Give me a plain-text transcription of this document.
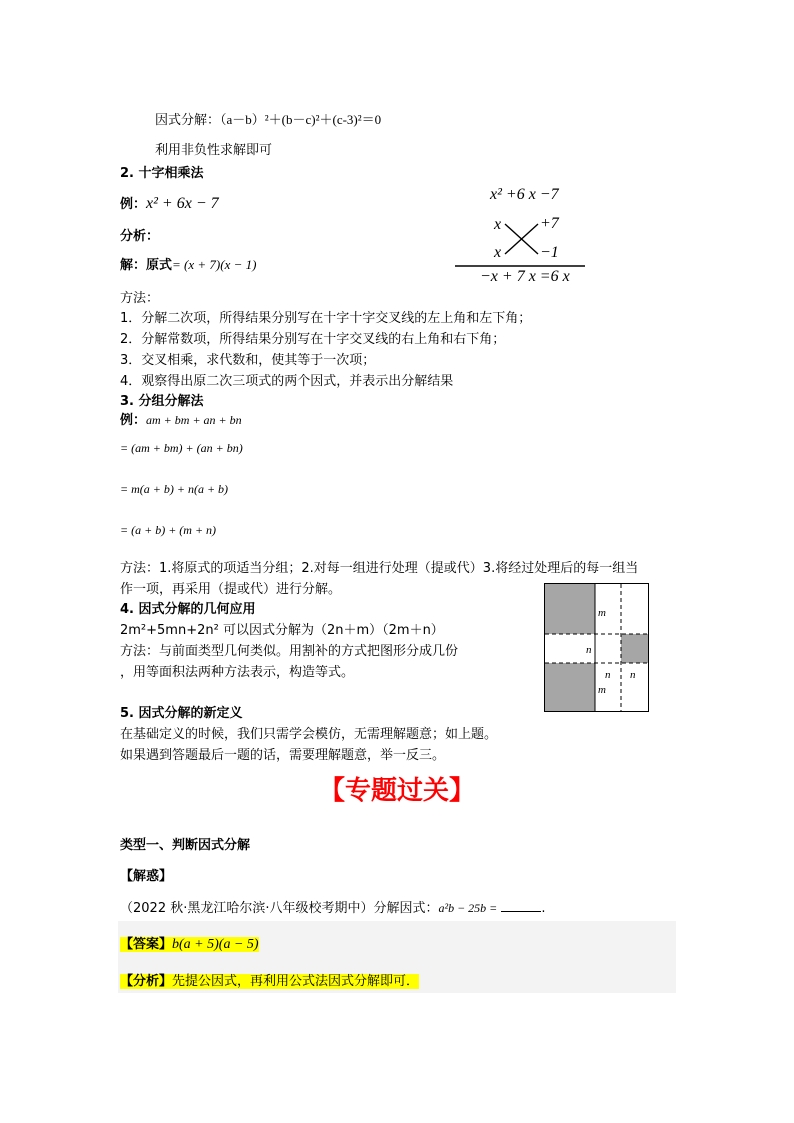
因式分解：（a－b）²＋(b－c)²＋(c-3)²＝0
利用非负性求解即可
2. 十字相乘法
例：x² + 6x − 7
分析：
解：原式= (x + 7)(x − 1)
x² +6 x −7
x +7
x −1
−x + 7 x =6 x
方法：
1．分解二次项，所得结果分别写在十字十字交叉线的左上角和左下角；
2．分解常数项，所得结果分别写在十字交叉线的右上角和右下角；
3．交叉相乘，求代数和，使其等于一次项；
4．观察得出原二次三项式的两个因式，并表示出分解结果
3. 分组分解法
例：am + bm + an + bn
= (am + bm) + (an + bn)
= m(a + b) + n(a + b)
= (a + b) + (m + n)
方法：1.将原式的项适当分组；2.对每一组进行处理（提或代）3.将经过处理后的每一组当
作一项，再采用（提或代）进行分解。
4. 因式分解的几何应用
2m²+5mn+2n² 可以因式分解为（2n＋m）（2m＋n）
方法：与前面类型几何类似。用割补的方式把图形分成几份
，用等面积法两种方法表示，构造等式。
m
n
n n
m
5. 因式分解的新定义
在基础定义的时候，我们只需学会模仿，无需理解题意；如上题。
如果遇到答题最后一题的话，需要理解题意，举一反三。
【专题过关】
类型一、判断因式分解
【解惑】
（2022 秋·黑龙江哈尔滨·八年级校考期中）分解因式：a²b − 25b =	.
【答案】b(a + 5)(a − 5)
【分析】先提公因式，再利用公式法因式分解即可．
